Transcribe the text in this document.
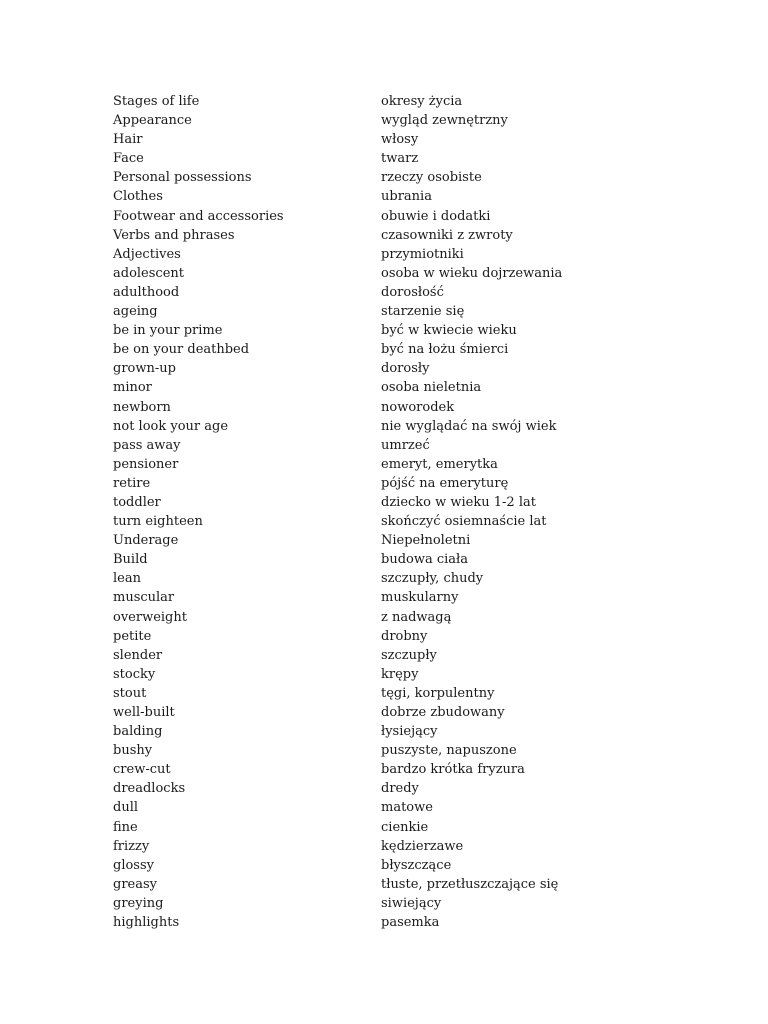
Stages of life	okresy życia
Appearance	wygląd zewnętrzny
Hair	włosy
Face	twarz
Personal possessions	rzeczy osobiste
Clothes	ubrania
Footwear and accessories	obuwie i dodatki
Verbs and phrases	czasowniki z zwroty
Adjectives	przymiotniki
adolescent	osoba w wieku dojrzewania
adulthood	dorosłość
ageing	starzenie się
be in your prime	być w kwiecie wieku
be on your deathbed	być na łożu śmierci
grown-up	dorosły
minor	osoba nieletnia
newborn	noworodek
not look your age	nie wyglądać na swój wiek
pass away	umrzeć
pensioner	emeryt, emerytka
retire	pójść na emeryturę
toddler	dziecko w wieku 1-2 lat
turn eighteen	skończyć osiemnaście lat
Underage	Niepełnoletni
Build	budowa ciała
lean	szczupły, chudy
muscular	muskularny
overweight	z nadwagą
petite	drobny
slender	szczupły
stocky	krępy
stout	tęgi, korpulentny
well-built	dobrze zbudowany
balding	łysiejący
bushy	puszyste, napuszone
crew-cut	bardzo krótka fryzura
dreadlocks	dredy
dull	matowe
fine	cienkie
frizzy	kędzierzawe
glossy	błyszczące
greasy	tłuste, przetłuszczające się
greying	siwiejący
highlights	pasemka
